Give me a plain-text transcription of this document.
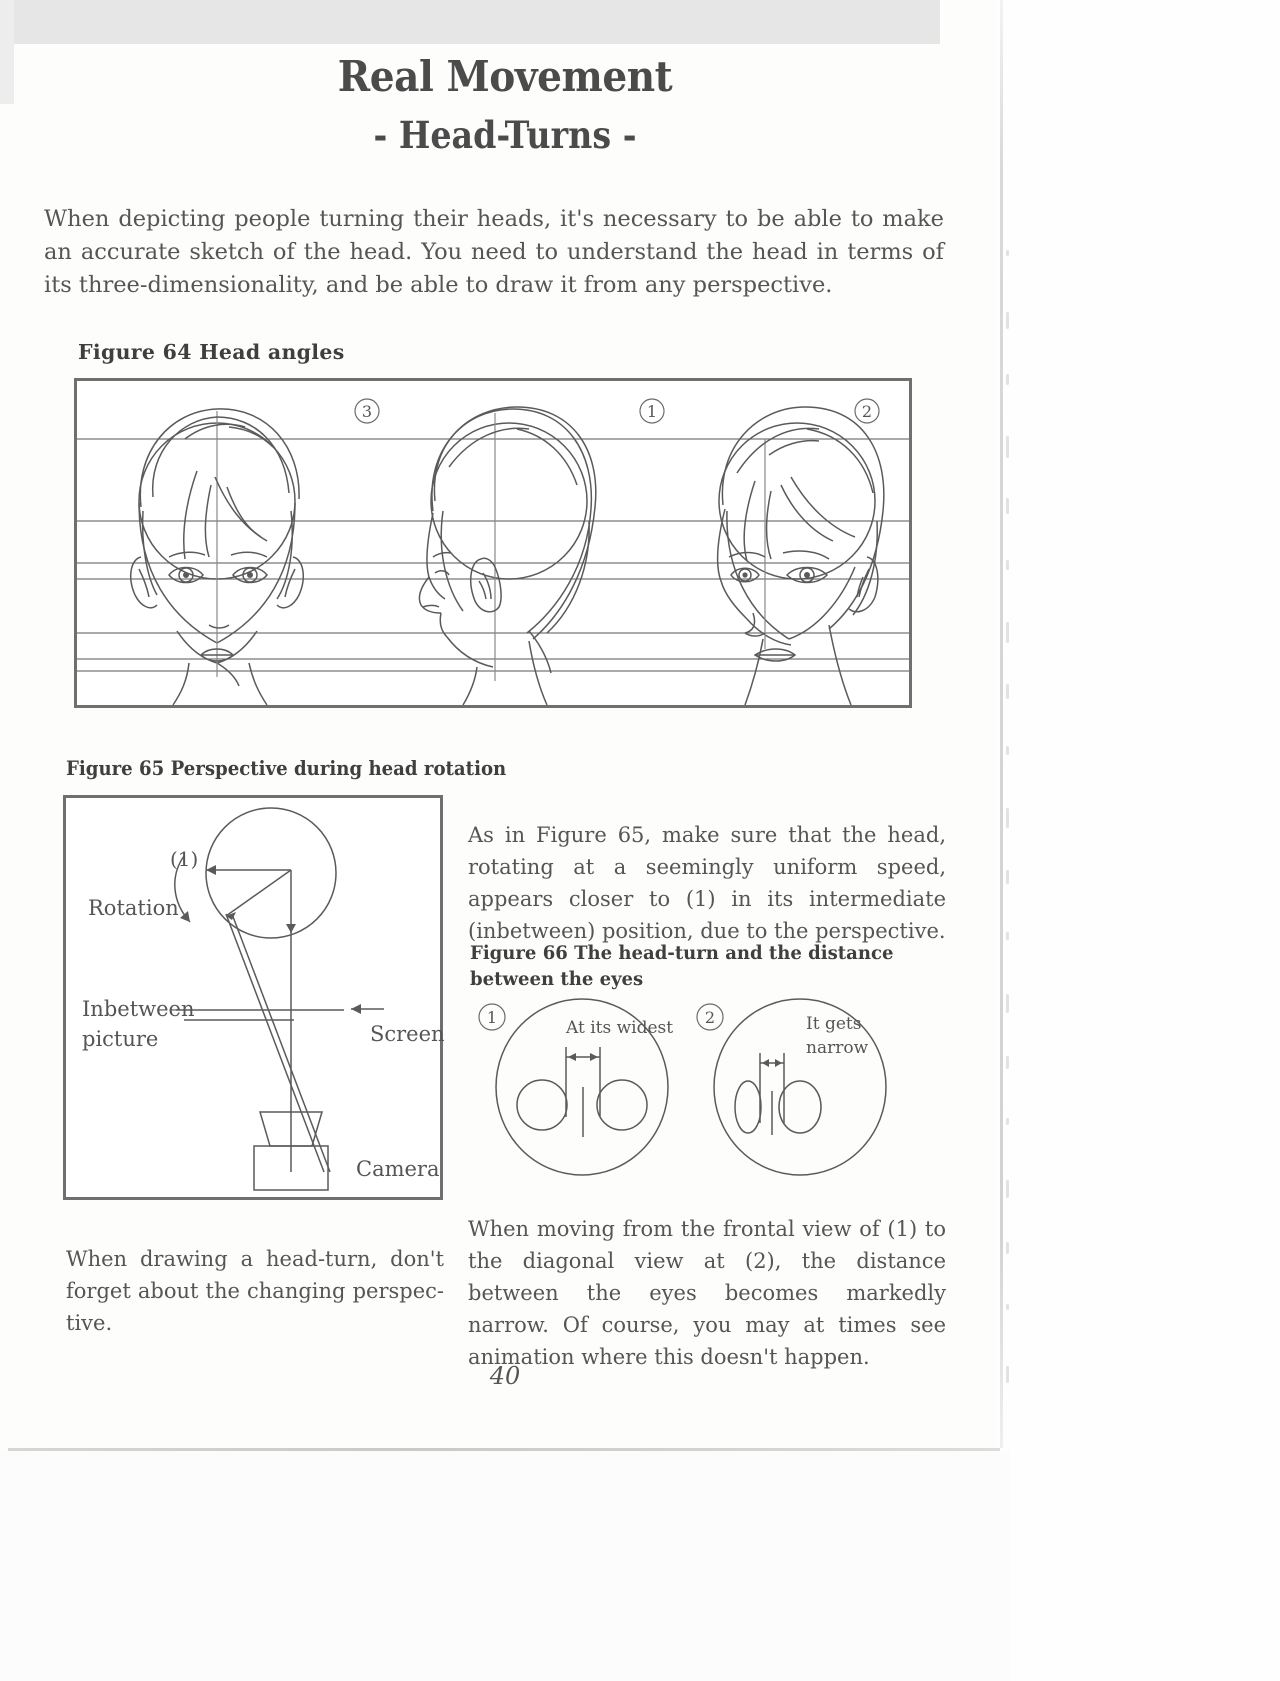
Real Movement
- Head-Turns -

When depicting people turning their heads, it's necessary to be able to make an accurate sketch of the head. You need to understand the head in terms of its three-dimensionality, and be able to draw it from any perspective.

Figure 64 Head angles
3	1	2
Figure 65 Perspective during head rotation
(1)
Rotation
Inbetween
picture	Screen
Camera

As in Figure 65, make sure that the head, rotating at a seemingly uniform speed, appears closer to (1) in its intermediate (inbetween) position, due to the perspective.

Figure 66 The head-turn and the distance between the eyes
1
At its widest
2	It gets
narrow

When drawing a head-turn, don't forget about the changing perspec-tive.

When moving from the frontal view of (1) to the diagonal view at (2), the distance between the eyes becomes markedly narrow. Of course, you may at times see animation where this doesn't happen.

40
